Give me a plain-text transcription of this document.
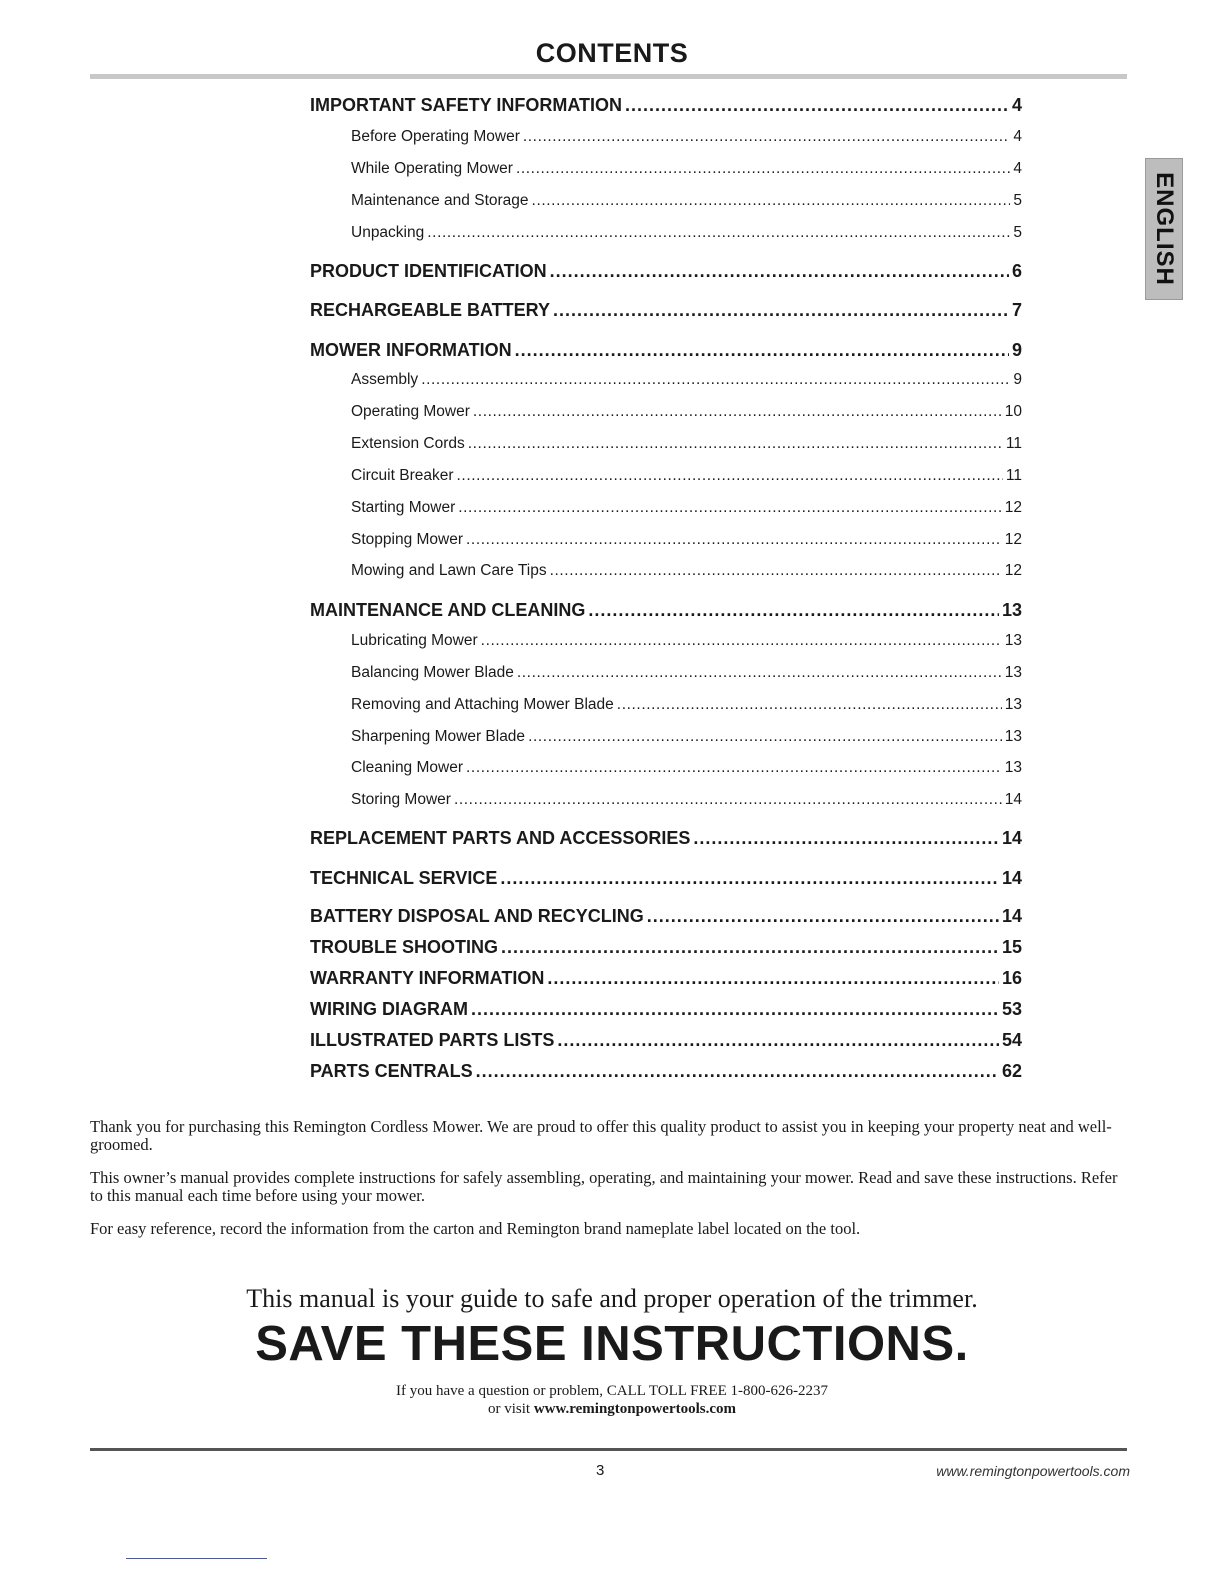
CONTENTS
ENGLISH
IMPORTANT SAFETY INFORMATION .....	4
Before Operating Mower .....	4
While Operating Mower .....	4
Maintenance and Storage .....	5
Unpacking .....	5
PRODUCT IDENTIFICATION .....	6
RECHARGEABLE BATTERY .....	7
MOWER INFORMATION .....	9
Assembly .....	9
Operating Mower .....	10
Extension Cords .....	11
Circuit Breaker .....	11
Starting Mower .....	12
Stopping Mower .....	12
Mowing and Lawn Care Tips .....	12
MAINTENANCE AND CLEANING .....	13
Lubricating Mower .....	13
Balancing Mower Blade .....	13
Removing and Attaching Mower Blade .....	13
Sharpening Mower Blade .....	13
Cleaning Mower .....	13
Storing Mower .....	14
REPLACEMENT PARTS AND ACCESSORIES .....	14
TECHNICAL SERVICE .....	14
BATTERY DISPOSAL AND RECYCLING .....	14
TROUBLE SHOOTING .....	15
WARRANTY INFORMATION .....	16
WIRING DIAGRAM .....	53
ILLUSTRATED PARTS LISTS .....	54
PARTS CENTRALS .....	62

Thank you for purchasing this Remington Cordless Mower. We are proud to offer this quality product to assist you in keeping your property neat and well-groomed.

This owner’s manual provides complete instructions for safely assembling, operating, and maintaining your mower. Read and save these instructions. Refer to this manual each time before using your mower.

For easy reference, record the information from the carton and Remington brand nameplate label located on the tool.

This manual is your guide to safe and proper operation of the trimmer.
SAVE THESE INSTRUCTIONS.
If you have a question or problem, CALL TOLL FREE 1-800-626-2237
or visit www.remingtonpowertools.com
3	www.remingtonpowertools.com
